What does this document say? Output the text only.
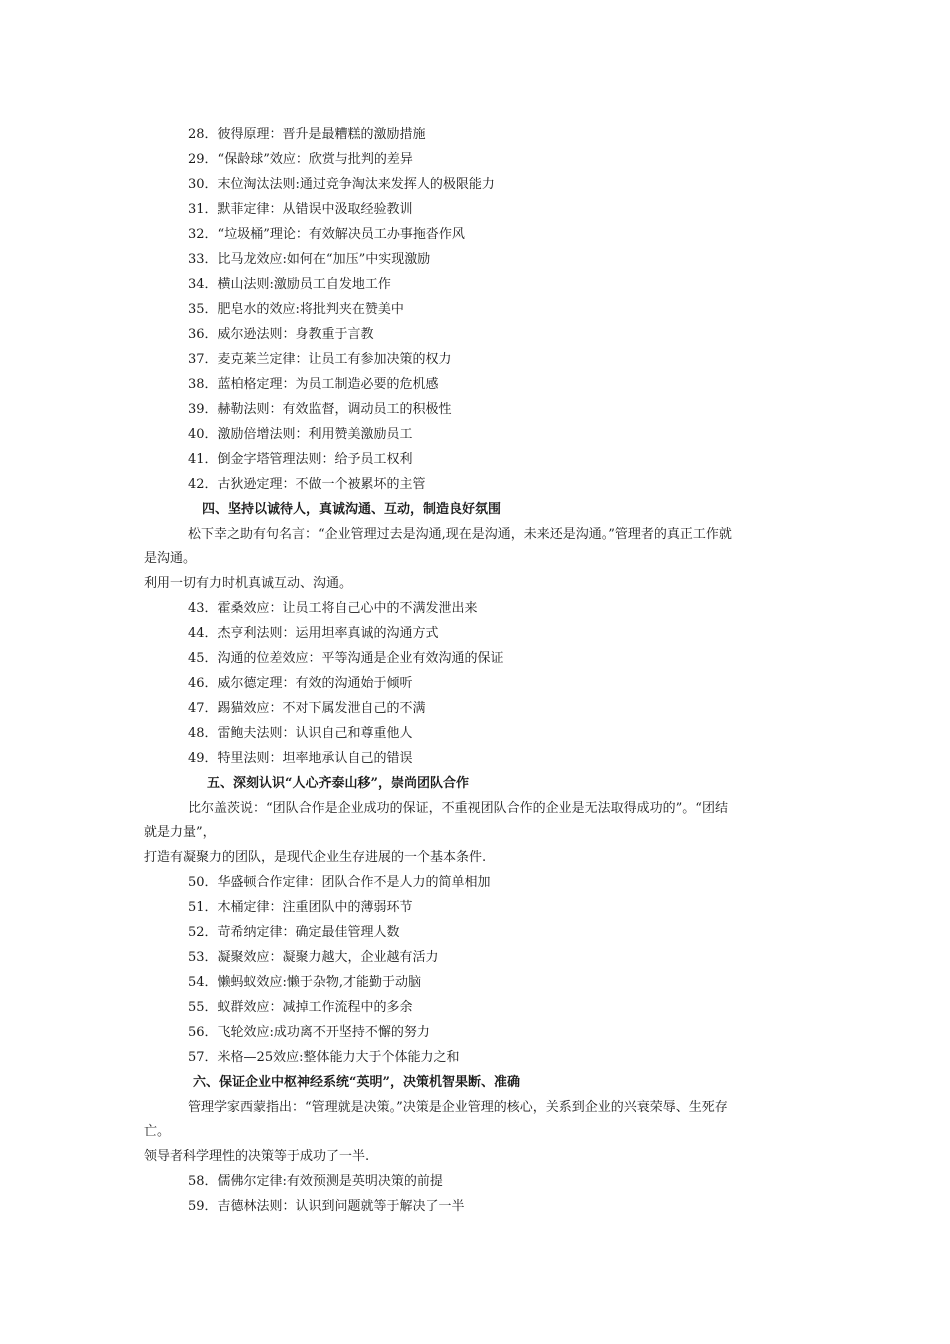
28．彼得原理：晋升是最糟糕的激励措施
29．“保龄球”效应：欣赏与批判的差异
30．末位淘汰法则:通过竞争淘汰来发挥人的极限能力
31．默菲定律：从错误中汲取经验教训
32．“垃圾桶”理论：有效解决员工办事拖沓作风
33．比马龙效应:如何在“加压”中实现激励
34．横山法则:激励员工自发地工作
35．肥皂水的效应:将批判夹在赞美中
36．威尔逊法则：身教重于言教
37．麦克莱兰定律：让员工有参加决策的权力
38．蓝柏格定理：为员工制造必要的危机感
39．赫勒法则：有效监督，调动员工的积极性
40．激励倍增法则：利用赞美激励员工
41．倒金字塔管理法则：给予员工权利
42．古狄逊定理：不做一个被累坏的主管
四、坚持以诚待人，真诚沟通、互动，制造良好氛围
松下幸之助有句名言：“企业管理过去是沟通,现在是沟通，未来还是沟通。”管理者的真正工作就
是沟通。
利用一切有力时机真诚互动、沟通。
43．霍桑效应：让员工将自己心中的不满发泄出来
44．杰亨利法则：运用坦率真诚的沟通方式
45．沟通的位差效应：平等沟通是企业有效沟通的保证
46．威尔德定理：有效的沟通始于倾听
47．踢猫效应：不对下属发泄自己的不满
48．雷鲍夫法则：认识自己和尊重他人
49．特里法则：坦率地承认自己的错误
五、深刻认识“人心齐泰山移”，崇尚团队合作
比尔盖茨说：“团队合作是企业成功的保证，不重视团队合作的企业是无法取得成功的”。“团结
就是力量”，
打造有凝聚力的团队，是现代企业生存进展的一个基本条件.
50．华盛顿合作定律：团队合作不是人力的简单相加
51．木桶定律：注重团队中的薄弱环节
52．苛希纳定律：确定最佳管理人数
53．凝聚效应：凝聚力越大，企业越有活力
54．懒蚂蚁效应:懒于杂物,才能勤于动脑
55．蚁群效应：减掉工作流程中的多余
56．飞轮效应:成功离不开坚持不懈的努力
57．米格—25效应:整体能力大于个体能力之和
六、保证企业中枢神经系统“英明”，决策机智果断、准确
管理学家西蒙指出：“管理就是决策。”决策是企业管理的核心，关系到企业的兴衰荣辱、生死存
亡。
领导者科学理性的决策等于成功了一半.
58．儒佛尔定律:有效预测是英明决策的前提
59．吉德林法则：认识到问题就等于解决了一半
